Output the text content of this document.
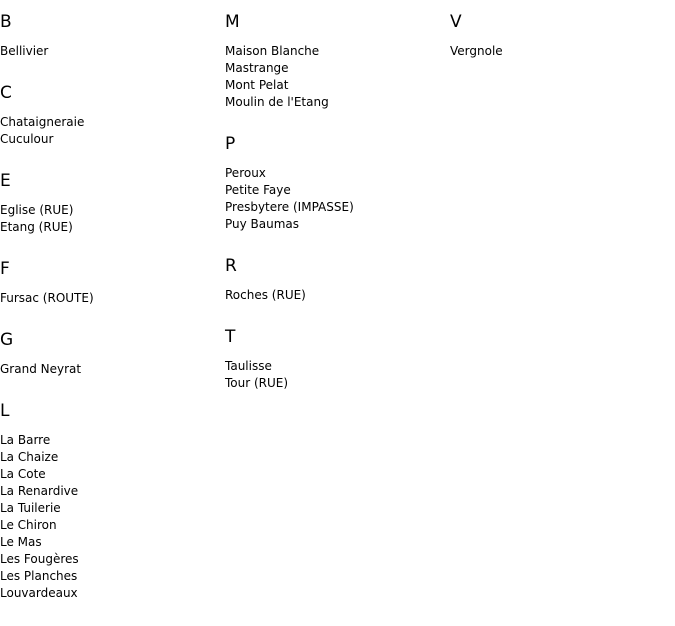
B
Bellivier
C
Chataigneraie
Cuculour
E
Eglise (RUE)
Etang (RUE)
F
Fursac (ROUTE)
G
Grand Neyrat
L
La Barre
La Chaize
La Cote
La Renardive
La Tuilerie
Le Chiron
Le Mas
Les Fougères
Les Planches
Louvardeaux
M
Maison Blanche
Mastrange
Mont Pelat
Moulin de l'Etang
P
Peroux
Petite Faye
Presbytere (IMPASSE)
Puy Baumas
R
Roches (RUE)
T
Taulisse
Tour (RUE)
V
Vergnole
